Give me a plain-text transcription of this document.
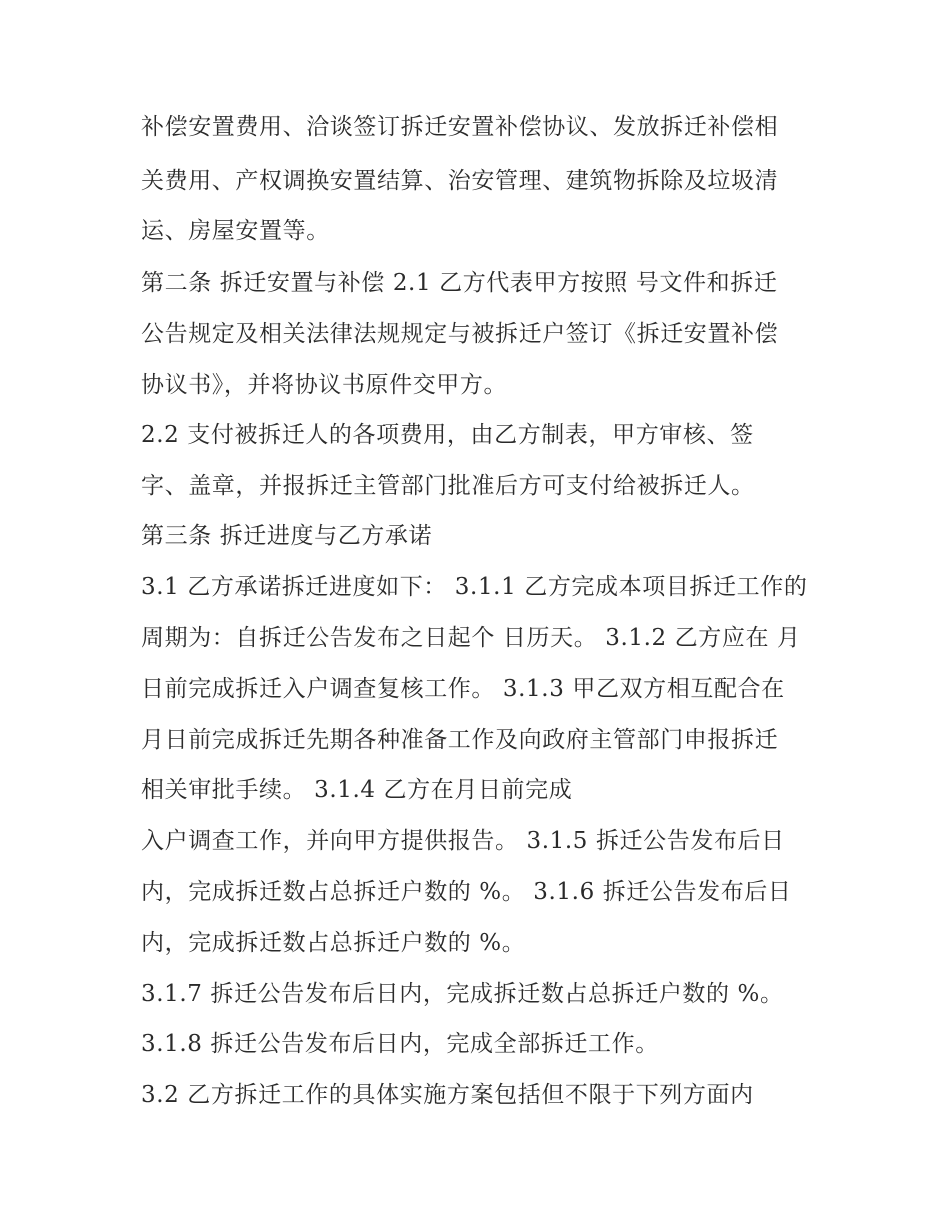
补偿安置费用、洽谈签订拆迁安置补偿协议、发放拆迁补偿相
关费用、产权调换安置结算、治安管理、建筑物拆除及垃圾清
运、房屋安置等。
第二条 拆迁安置与补偿 2.1 乙方代表甲方按照 号文件和拆迁
公告规定及相关法律法规规定与被拆迁户签订《拆迁安置补偿
协议书》，并将协议书原件交甲方。
2.2 支付被拆迁人的各项费用，由乙方制表，甲方审核、签
字、盖章，并报拆迁主管部门批准后方可支付给被拆迁人。
第三条 拆迁进度与乙方承诺
3.1 乙方承诺拆迁进度如下： 3.1.1 乙方完成本项目拆迁工作的
周期为：自拆迁公告发布之日起个 日历天。 3.1.2 乙方应在 月
日前完成拆迁入户调查复核工作。 3.1.3 甲乙双方相互配合在
月日前完成拆迁先期各种准备工作及向政府主管部门申报拆迁
相关审批手续。 3.1.4 乙方在月日前完成
入户调查工作，并向甲方提供报告。 3.1.5 拆迁公告发布后日
内，完成拆迁数占总拆迁户数的 %。 3.1.6 拆迁公告发布后日
内，完成拆迁数占总拆迁户数的 %。
3.1.7 拆迁公告发布后日内，完成拆迁数占总拆迁户数的 %。
3.1.8 拆迁公告发布后日内，完成全部拆迁工作。
3.2 乙方拆迁工作的具体实施方案包括但不限于下列方面内
